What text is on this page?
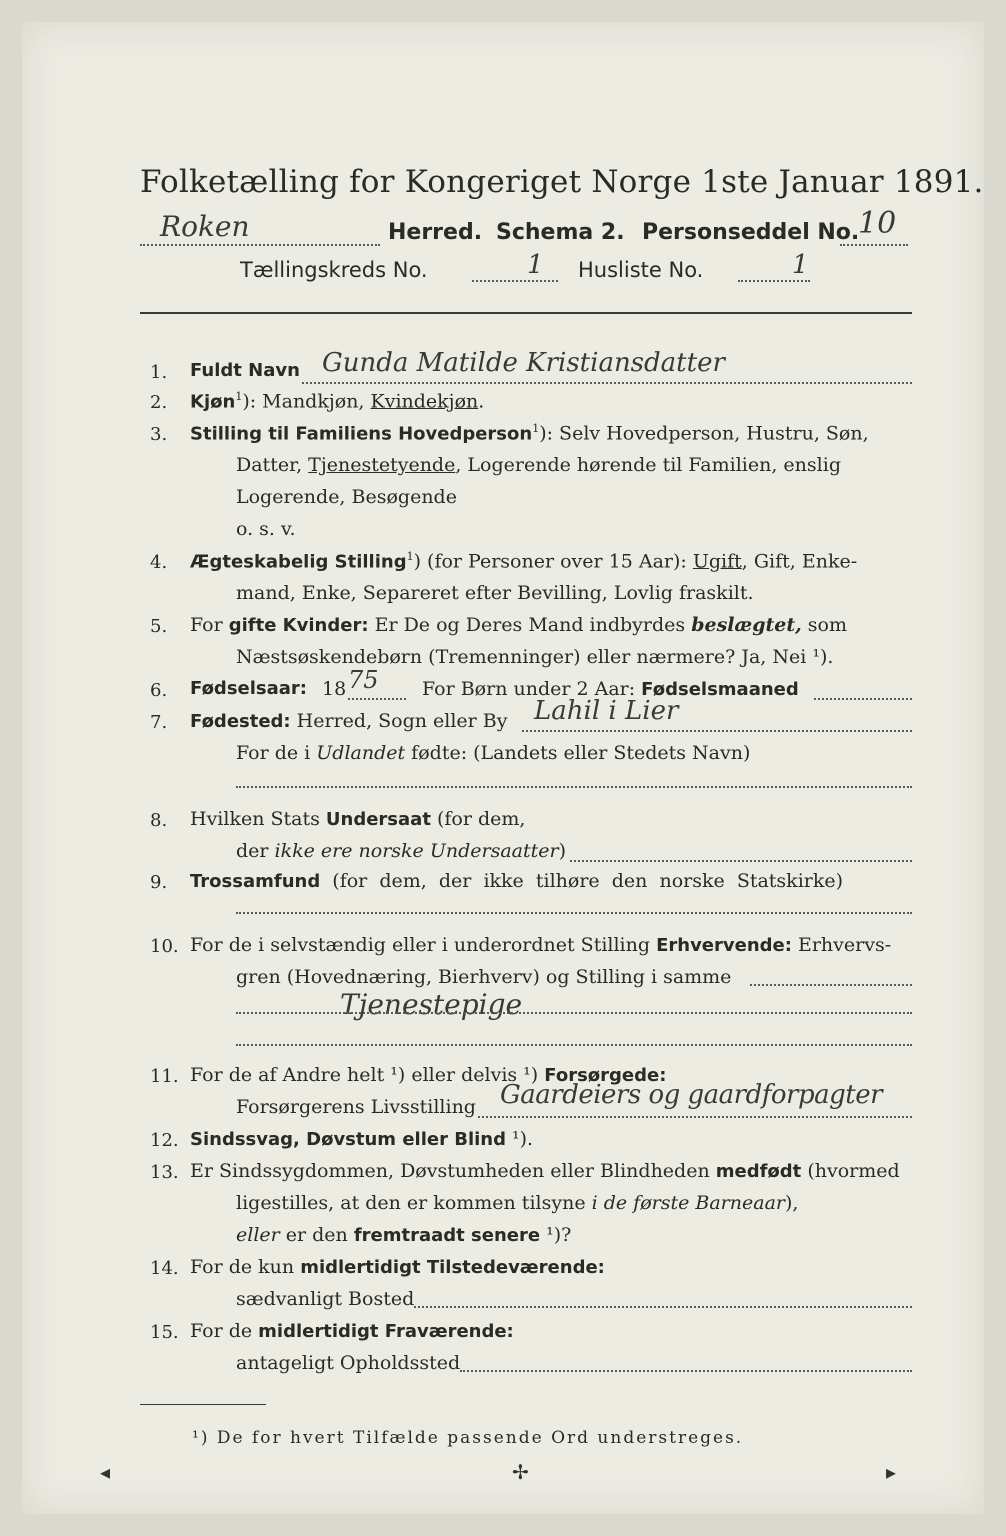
Folketælling for Kongeriget Norge 1ste Januar 1891.
Roken	Herred. Schema 2. Personseddel No.
10
Tællingskreds No.	1 Husliste No.	1
1. Fuldt Navn Gunda Matilde Kristiansdatter
2. Kjøn$^1$): Mandkjøn, Kvindekjøn.
3. Stilling til Familiens Hovedperson$^1$): Selv Hovedperson, Hustru, Søn,
Datter, Tjenestetyende, Logerende hørende til Familien, enslig
Logerende, Besøgende
o. s. v.
4. Ægteskabelig Stilling$^1$) (for Personer over 15 Aar): Ugift, Gift, Enke-
mand, Enke, Separeret efter Bevilling, Lovlig fraskilt.
5. For gifte Kvinder: Er De og Deres Mand indbyrdes beslægtet, som
Næstsøskendebørn (Tremenninger) eller nærmere? Ja, Nei ¹).
6. Fødselsaar: 18 75 For Børn under 2 Aar: Fødselsmaaned
7. Fødested: Herred, Sogn eller By Lahil i Lier
For de i Udlandet fødte: (Landets eller Stedets Navn)
8. Hvilken Stats Undersaat (for dem,
der ikke ere norske Undersaatter)
9. Trossamfund  (for  dem,  der  ikke  tilhøre  den  norske  Statskirke)
10. For de i selvstændig eller i underordnet Stilling Erhvervende: Erhvervs-
gren (Hovednæring, Bierhverv) og Stilling i samme
Tjenestepige
11. For de af Andre helt ¹) eller delvis ¹) Forsørgede:
Forsørgerens Livsstilling Gaardeiers og gaardforpagter
12. Sindssvag, Døvstum eller Blind ¹).
13. Er Sindssygdommen, Døvstumheden eller Blindheden medfødt (hvormed
ligestilles, at den er kommen tilsyne i de første Barneaar),
eller er den fremtraadt senere ¹)?
14. For de kun midlertidigt Tilstedeværende:
sædvanligt Bosted
15. For de midlertidigt Fraværende:
antageligt Opholdssted
¹) De for hvert Tilfælde passende Ord understreges.
◂	✢	▸
